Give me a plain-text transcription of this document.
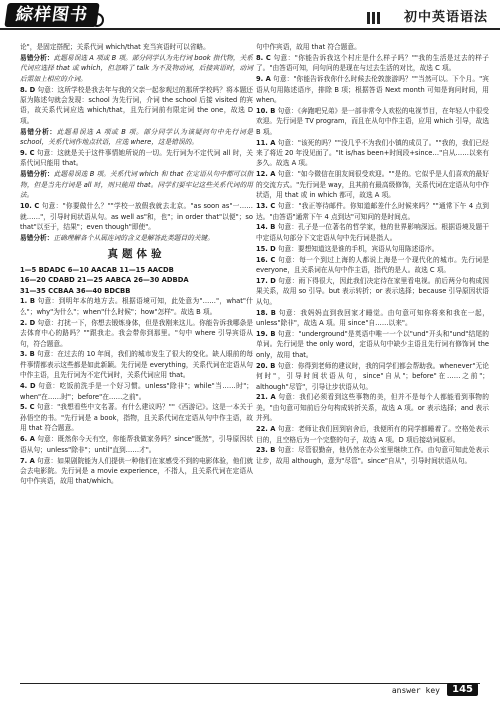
綜样图书	初中英语语法

论"，是固定搭配；关系代词 which/that 充当宾语时可以省略。

易错分析：此题易误选 A 项或 B 项。部分同学认为先行词 book 指代物，关系代词应选择 that 或 which，但忽略了 talk 为不及物动词，后接宾语时，动词后需加上相应的介词。

8. D 句意：这所学校是我去年与我的父亲一起参观过的那所学校吗？将本题还原为陈述句就会发现：school 为先行词，介词 the school 后接 visited 的宾语，故关系代词应选 which/that，且先行词前有限定词 the one，故选 D 项。

易错分析：此题易误选 A 项或 B 项。部分同学认为该疑问句中先行词是 school，关系代词作地点状语，应选 where，这是错误的。

9. C 句意：这就是关于这件事情她所说的一切。先行词为不定代词 all 时，关系代词只能用 that。

易错分析：此题易误选 B 项。关系代词 which 和 that 在定语从句中都可以指物，但是当先行词是 all 时，则只能用 that。同学们要牢记这些关系代词的用法。

10. C 句意："你要做什么？""学校一放假我就去北京。"as soon as"一……就……"，引导时间状语从句。as well as"和，也"；in order that"以便"；so that"以至于，结果"；even though"即使"。

易错分析：正确理解各个从属连词的含义是解答此类题目的关键。

真题体验
1—5 BDADC 6—10 AACAB 11—15 AACDB
16—20 CDABD 21—25 AABCA 26—30 ADBDA
31—35 CCBAA 36—40 BDCBB

1. B 句意：到明年本的地方去。根据语境可知，此处意为"……"，what"什么"；why"为什么"；when"什么时候"；how"怎样"。故选 B 项。

2. D 句意：打扰一下，你想去锻炼身体，但是我刚来这儿。你能告诉我哪条是去体育中心的路吗？""跟我走。我会带你到那里。"句中 where 引导宾语从句，符合题意。

3. B 句意：在过去的 10 年间，我们的城市发生了很大的变化。缺人眼前的每件事情都表示这些都是如此新颖。先行词是 everything，关系代词在定语从句中作主语，且先行词为不定代词时，关系代词应用 that。

4. D 句意：吃饭前洗手是一个好习惯。unless"除非"；while"当……时"；when"在……时"；before"在……之前"。

5. C 句意："我想看些中文名著。有什么建议吗？""《西游记》。这是一本关于孙悟空的书。"先行词是 a book，指物，且关系代词在定语从句中作主语，故用 that 符合题意。

6. A 句意：既然你今天有空，你能帮我做家务吗？since"既然"，引导原因状语从句；unless"除非"；until"直到……才"。

7. A 句意：如果剧院能为人们提供一种他们在家感受不到的电影体验，他们就会去电影院。先行词是 a movie experience，不指人，且关系代词在定语从句中作宾语，故用 that/which。

句中作宾语，故用 that 符合题意。

8. C 句意："你能告诉我这个村庄是什么样子吗？""我的生活是过去的样子了。"由答语可知，问句问的是现在与过去生活的对比，故选 C 项。

9. A 句意："你能告诉我你什么时候去伦敦旅游吗？""当然可以。下个月。"宾语从句用陈述语序，排除 B 项；根据答语 Next month 可知是询问时间，用 when。

10. B 句意：《奔跑吧兄弟》是一部非常令人欢松的电视节目，在年轻人中很受欢迎。先行词是 TV program，而且在从句中作主语，应用 which 引导，故选 B 项。

11. A 句意："该死的吗？""没几乎不为我们小镇的成员了。""我的，我们已经来了将近 20 年没见面了。"It is/has been+时间段+since…"自从……以来有多久。故选 A 项。

12. A 句意："如今微信在朋友间很受欢迎。""是的。它似乎是人们喜欢的最好的交流方式。"先行词是 way，且其前有最高级修饰，关系代词在定语从句中作状语，用 that 或 in which 都可，故选 A 项。

13. C 句意："我正等待邮件。你知道邮差什么时候来吗？""通常下午 4 点到达。"由答语"通常下午 4 点到达"可知问的是时间点。

14. B 句意：孔子是一位著名的哲学家，他的世界影响深远。根据语境及题干中定语从句部分下文定语从句中先行词是指人。

15. D 句意：要想知道这是谁的手机，宾语从句用陈述语序。

16. C 句意：每一个到过上海的人都说上海是一个现代化的城市。先行词是 everyone，且关系词在从句中作主语，指代的是人。故选 C 项。

17. D 句意：雨下得很大，因此我们决定待在家里看电视。前后两分句构成因果关系，故用 so 引导。but 表示转折；or 表示选择；because 引导原因状语从句。

18. B 句意：我妈妈直到我回家才睡觉。由句意可知你将来和我在一起，unless"除非"，故选 A 项。用 since"自……以来"。

19. B 句意："underground"是英语中唯一一个以"und"开头和"und"结尾的单词。先行词是 the only word，定语从句中缺少主语且先行词有修饰词 the only，故用 that。

20. B 句意：你得到老师的建议时，我的同学们都会帮助我。whenever"无论何时"，引导时间状语从句，since"自从"；before"在……之前"；although"尽管"，引导让步状语从句。

21. A 句意：我们必须看到这些事物的美，但并不是每个人都能看到事物的美。"由句意可知前后分句构成转折关系，故选 A 项。or 表示选择；and 表示并列。

22. A 句意：老师让我们回到宿舍后，我便所有的同学都睡着了。空格处表示目的，且空格后为一个完整的句子，故选 A 项。D 项后接动词原形。

23. B 句意：尽管很勤奋，他仍然在办公室里继续工作。由句意可知此处表示让步，故用 although，意为"尽管"。since"自从"，引导时间状语从句。

answer key	145
